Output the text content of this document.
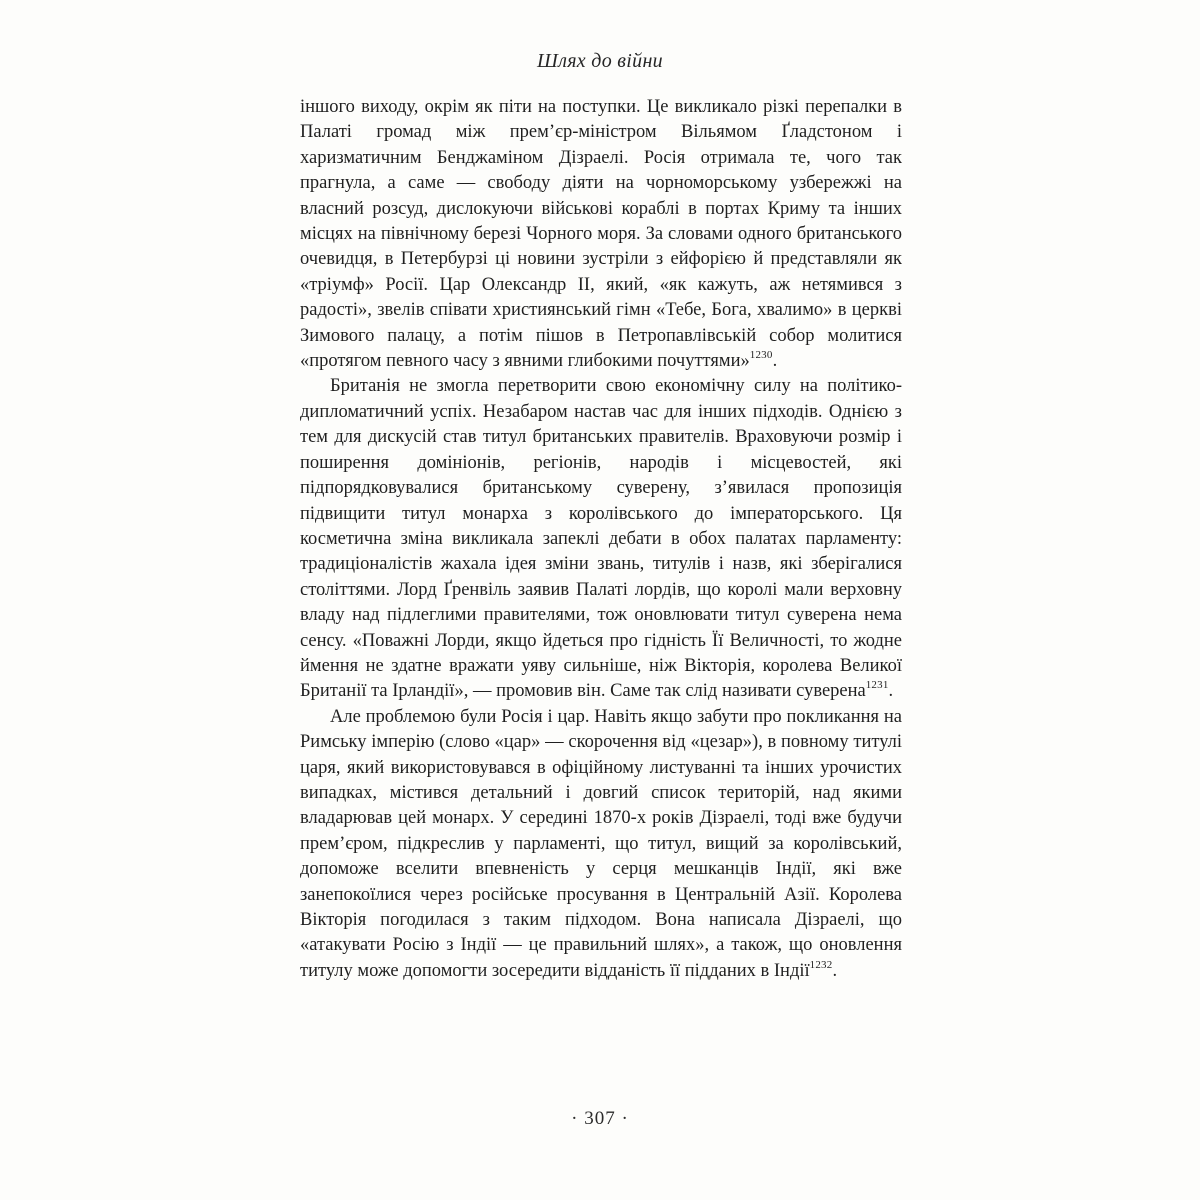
Шлях до війни

іншого виходу, окрім як піти на поступки. Це викликало різкі перепалки в Палаті громад між прем’єр-міністром Вільямом Ґладстоном і харизматичним Бенджаміном Дізраелі. Росія отримала те, чого так прагнула, а саме — свободу діяти на чорноморському узбережжі на власний розсуд, дислокуючи військові кораблі в портах Криму та інших місцях на північному березі Чорного моря. За словами одного британського очевидця, в Петербурзі ці новини зустріли з ейфорією й представляли як «тріумф» Росії. Цар Олександр II, який, «як кажуть, аж нетямився з радості», звелів співати християнський гімн «Тебе, Бога, хвалимо» в церкві Зимового палацу, а потім пішов в Петропавлівській собор молитися «протягом певного часу з явними глибокими почуттями»$^{1230}$.

Британія не змогла перетворити свою економічну силу на політико-дипломатичний успіх. Незабаром настав час для інших підходів. Однією з тем для дискусій став титул британських правителів. Враховуючи розмір і поширення домініонів, регіонів, народів і місцевостей, які підпорядковувалися британському суверену, з’явилася пропозиція підвищити титул монарха з королівського до імператорського. Ця косметична зміна викликала запеклі дебати в обох палатах парламенту: традиціоналістів жахала ідея зміни звань, титулів і назв, які зберігалися століттями. Лорд Ґренвіль заявив Палаті лордів, що королі мали верховну владу над підлеглими правителями, тож оновлювати титул суверена нема сенсу. «Поважні Лорди, якщо йдеться про гідність Її Величності, то жодне ймення не здатне вражати уяву сильніше, ніж Вікторія, королева Великої Британії та Ірландії», — промовив він. Саме так слід називати суверена$^{1231}$.

Але проблемою були Росія і цар. Навіть якщо забути про покликання на Римську імперію (слово «цар» — скорочення від «цезар»), в повному титулі царя, який використовувався в офіційному листуванні та інших урочистих випадках, містився детальний і довгий список територій, над якими владарював цей монарх. У середині 1870-х років Дізраелі, тоді вже будучи прем’єром, підкреслив у парламенті, що титул, вищий за королівський, допоможе вселити впевненість у серця мешканців Індії, які вже занепокоїлися через російське просування в Центральній Азії. Королева Вікторія погодилася з таким підходом. Вона написала Дізраелі, що «атакувати Росію з Індії — це правильний шлях», а також, що оновлення титулу може допомогти зосередити відданість її підданих в Індії$^{1232}$.

· 307 ·
